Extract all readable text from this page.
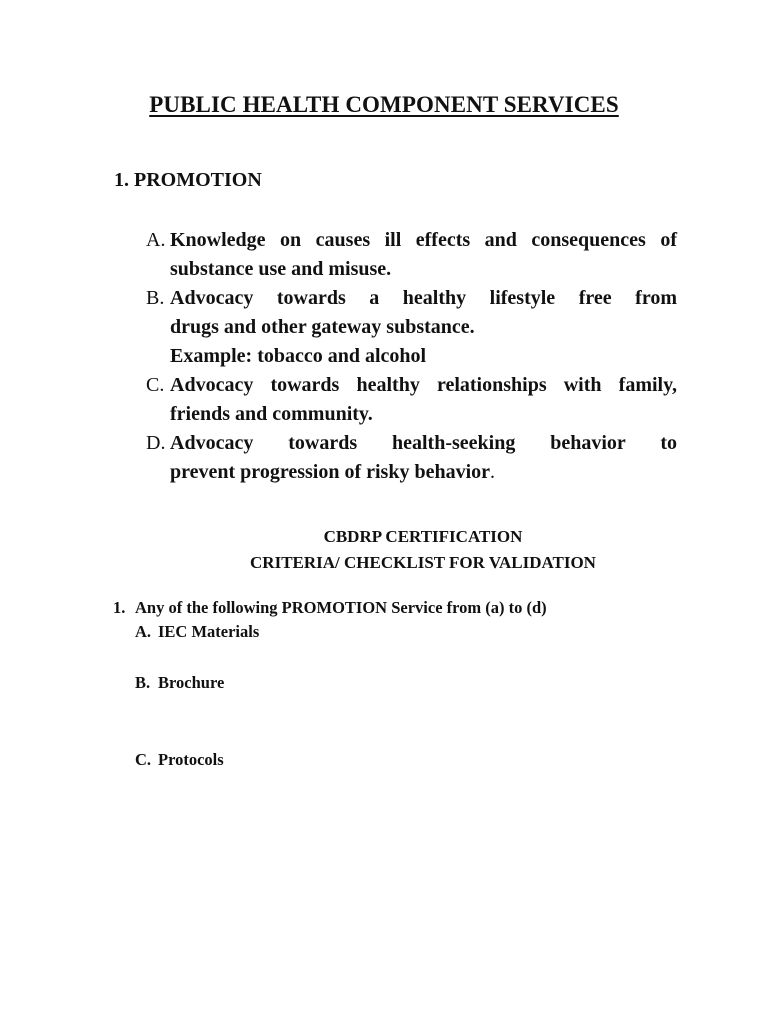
PUBLIC HEALTH COMPONENT SERVICES
1. PROMOTION
A. Knowledge on causes ill effects and consequences of
substance use and misuse.
B. Advocacy towards a healthy lifestyle free from
drugs and other gateway substance.
Example: tobacco and alcohol
C. Advocacy towards healthy relationships with family,
friends and community.
D. Advocacy towards health-seeking behavior to
prevent progression of risky behavior.
CBDRP CERTIFICATION
CRITERIA/ CHECKLIST FOR VALIDATION
1. Any of the following PROMOTION Service from (a) to (d)
A. IEC Materials
B. Brochure
C. Protocols
